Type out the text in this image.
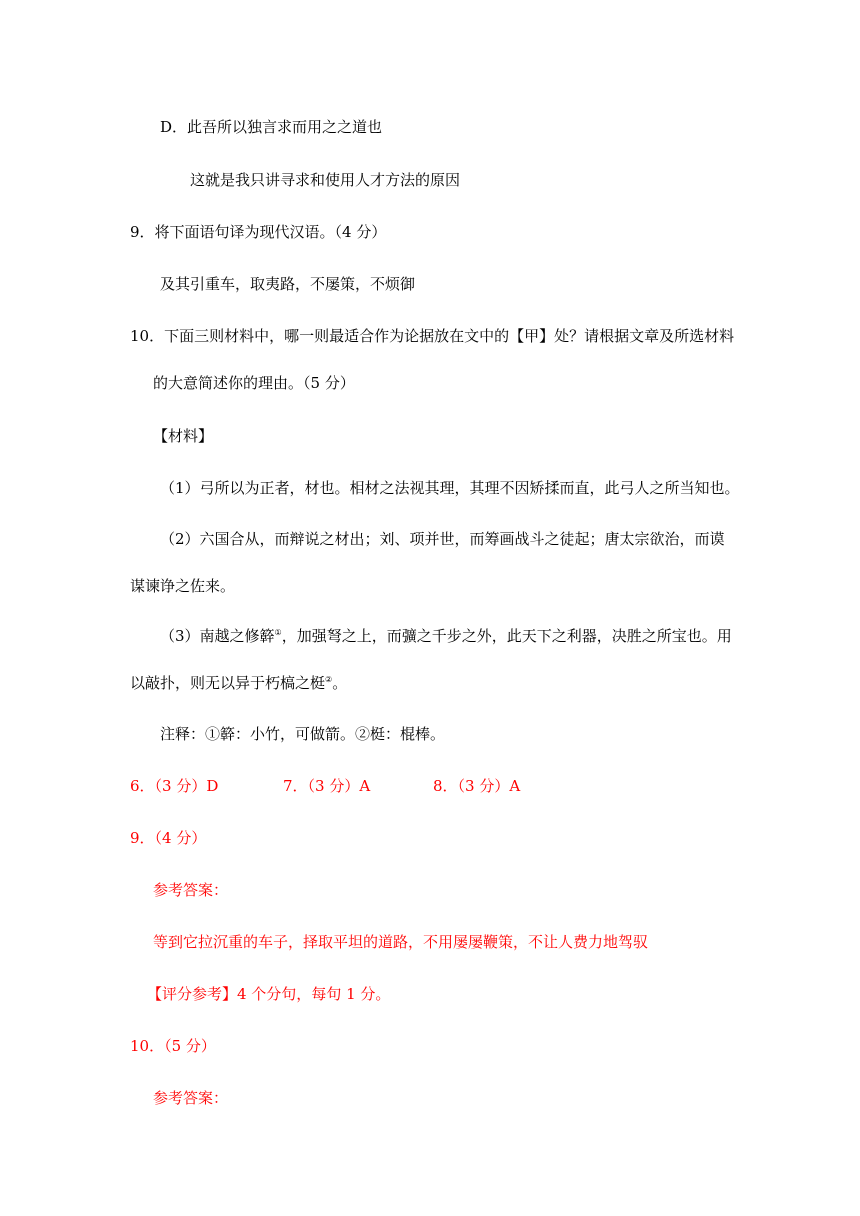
D．此吾所以独言求而用之之道也
这就是我只讲寻求和使用人才方法的原因
9．将下面语句译为现代汉语。（4 分）
及其引重车，取夷路，不屡策，不烦御
10．下面三则材料中，哪一则最适合作为论据放在文中的【甲】处？请根据文章及所选材料
的大意简述你的理由。（5 分）
【材料】
（1）弓所以为正者，材也。相材之法视其理，其理不因矫揉而直，此弓人之所当知也。
（2）六国合从，而辩说之材出；刘、项并世，而筹画战斗之徒起；唐太宗欲治，而谟
谋谏诤之佐来。
（3）南越之修簳①，加强弩之上，而彍之千步之外，此天下之利器，决胜之所宝也。用
以敲扑，则无以异于朽槁之梃②。
注释：①簳：小竹，可做箭。②梃：棍棒。
6．（3 分）D	7．（3 分）A	8．（3 分）A
9．（4 分）
参考答案：
等到它拉沉重的车子，择取平坦的道路，不用屡屡鞭策，不让人费力地驾驭
【评分参考】4 个分句，每句 1 分。
10．（5 分）
参考答案：
